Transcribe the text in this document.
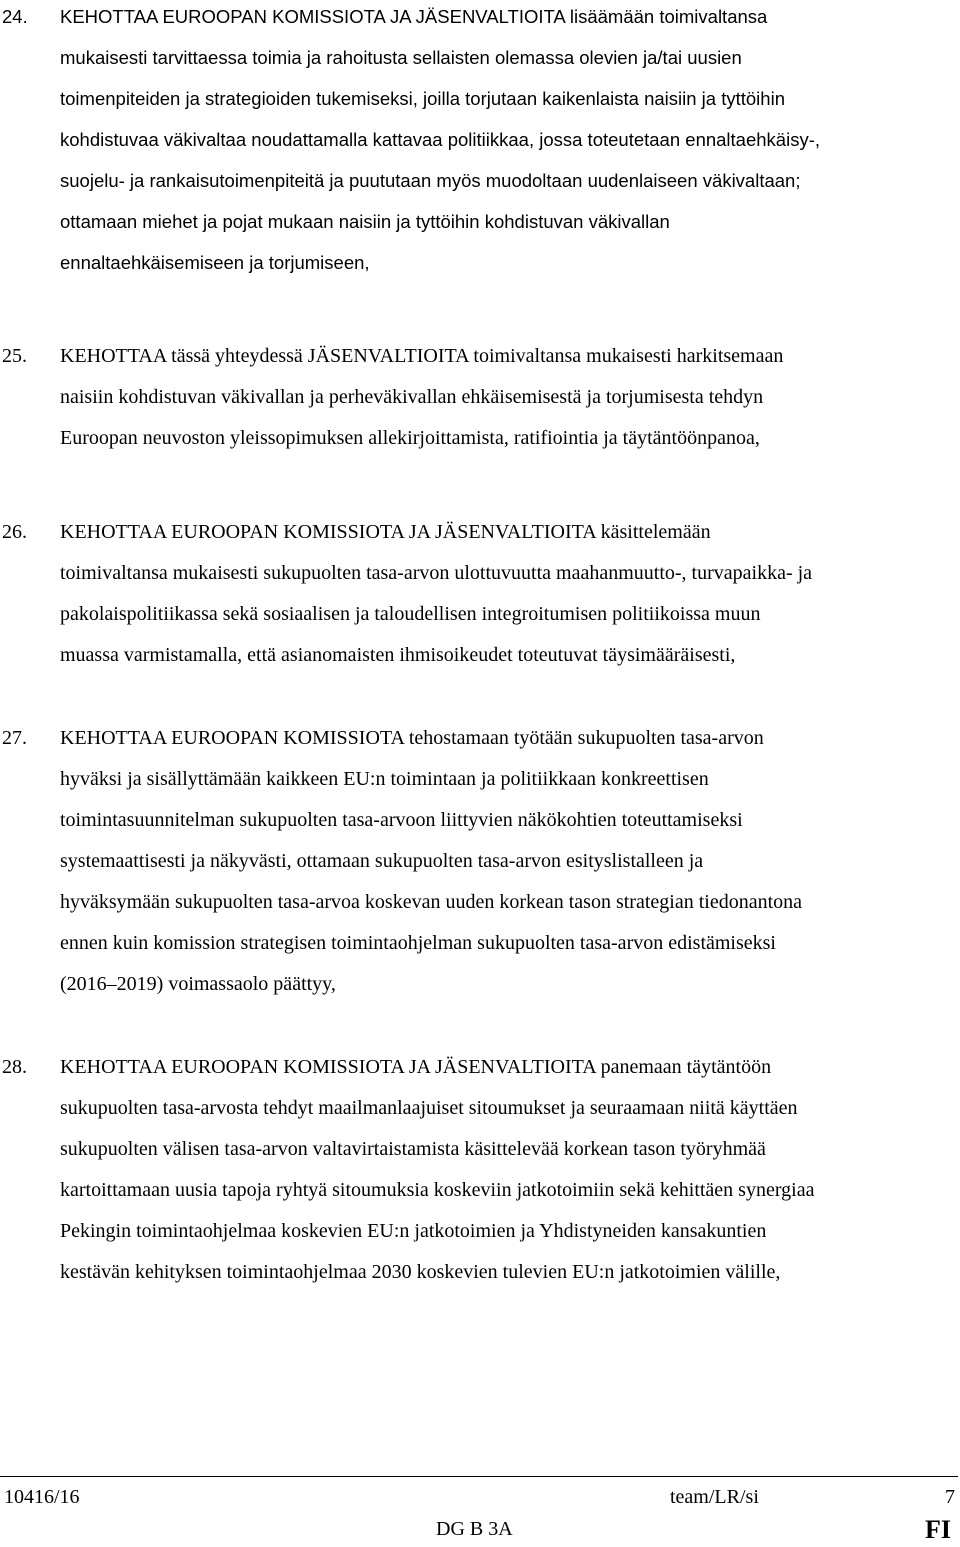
24. KEHOTTAA EUROOPAN KOMISSIOTA JA JÄSENVALTIOITA lisäämään toimivaltansa
mukaisesti tarvittaessa toimia ja rahoitusta sellaisten olemassa olevien ja/tai uusien
toimenpiteiden ja strategioiden tukemiseksi, joilla torjutaan kaikenlaista naisiin ja tyttöihin
kohdistuvaa väkivaltaa noudattamalla kattavaa politiikkaa, jossa toteutetaan ennaltaehkäisy-,
suojelu- ja rankaisutoimenpiteitä ja puututaan myös muodoltaan uudenlaiseen väkivaltaan;
ottamaan miehet ja pojat mukaan naisiin ja tyttöihin kohdistuvan väkivallan
ennaltaehkäisemiseen ja torjumiseen,
25. KEHOTTAA tässä yhteydessä JÄSENVALTIOITA toimivaltansa mukaisesti harkitsemaan
naisiin kohdistuvan väkivallan ja perheväkivallan ehkäisemisestä ja torjumisesta tehdyn
Euroopan neuvoston yleissopimuksen allekirjoittamista, ratifiointia ja täytäntöönpanoa,
26. KEHOTTAA EUROOPAN KOMISSIOTA JA JÄSENVALTIOITA käsittelemään
toimivaltansa mukaisesti sukupuolten tasa-arvon ulottuvuutta maahanmuutto-, turvapaikka- ja
pakolaispolitiikassa sekä sosiaalisen ja taloudellisen integroitumisen politiikoissa muun
muassa varmistamalla, että asianomaisten ihmisoikeudet toteutuvat täysimääräisesti,
27. KEHOTTAA EUROOPAN KOMISSIOTA tehostamaan työtään sukupuolten tasa-arvon
hyväksi ja sisällyttämään kaikkeen EU:n toimintaan ja politiikkaan konkreettisen
toimintasuunnitelman sukupuolten tasa-arvoon liittyvien näkökohtien toteuttamiseksi
systemaattisesti ja näkyvästi, ottamaan sukupuolten tasa-arvon esityslistalleen ja
hyväksymään sukupuolten tasa-arvoa koskevan uuden korkean tason strategian tiedonantona
ennen kuin komission strategisen toimintaohjelman sukupuolten tasa-arvon edistämiseksi
(2016–2019) voimassaolo päättyy,
28. KEHOTTAA EUROOPAN KOMISSIOTA JA JÄSENVALTIOITA panemaan täytäntöön
sukupuolten tasa-arvosta tehdyt maailmanlaajuiset sitoumukset ja seuraamaan niitä käyttäen
sukupuolten välisen tasa-arvon valtavirtaistamista käsittelevää korkean tason työryhmää
kartoittamaan uusia tapoja ryhtyä sitoumuksia koskeviin jatkotoimiin sekä kehittäen synergiaa
Pekingin toimintaohjelmaa koskevien EU:n jatkotoimien ja Yhdistyneiden kansakuntien
kestävän kehityksen toimintaohjelmaa 2030 koskevien tulevien EU:n jatkotoimien välille,
10416/16	team/LR/si	7
DG B 3A	FI
